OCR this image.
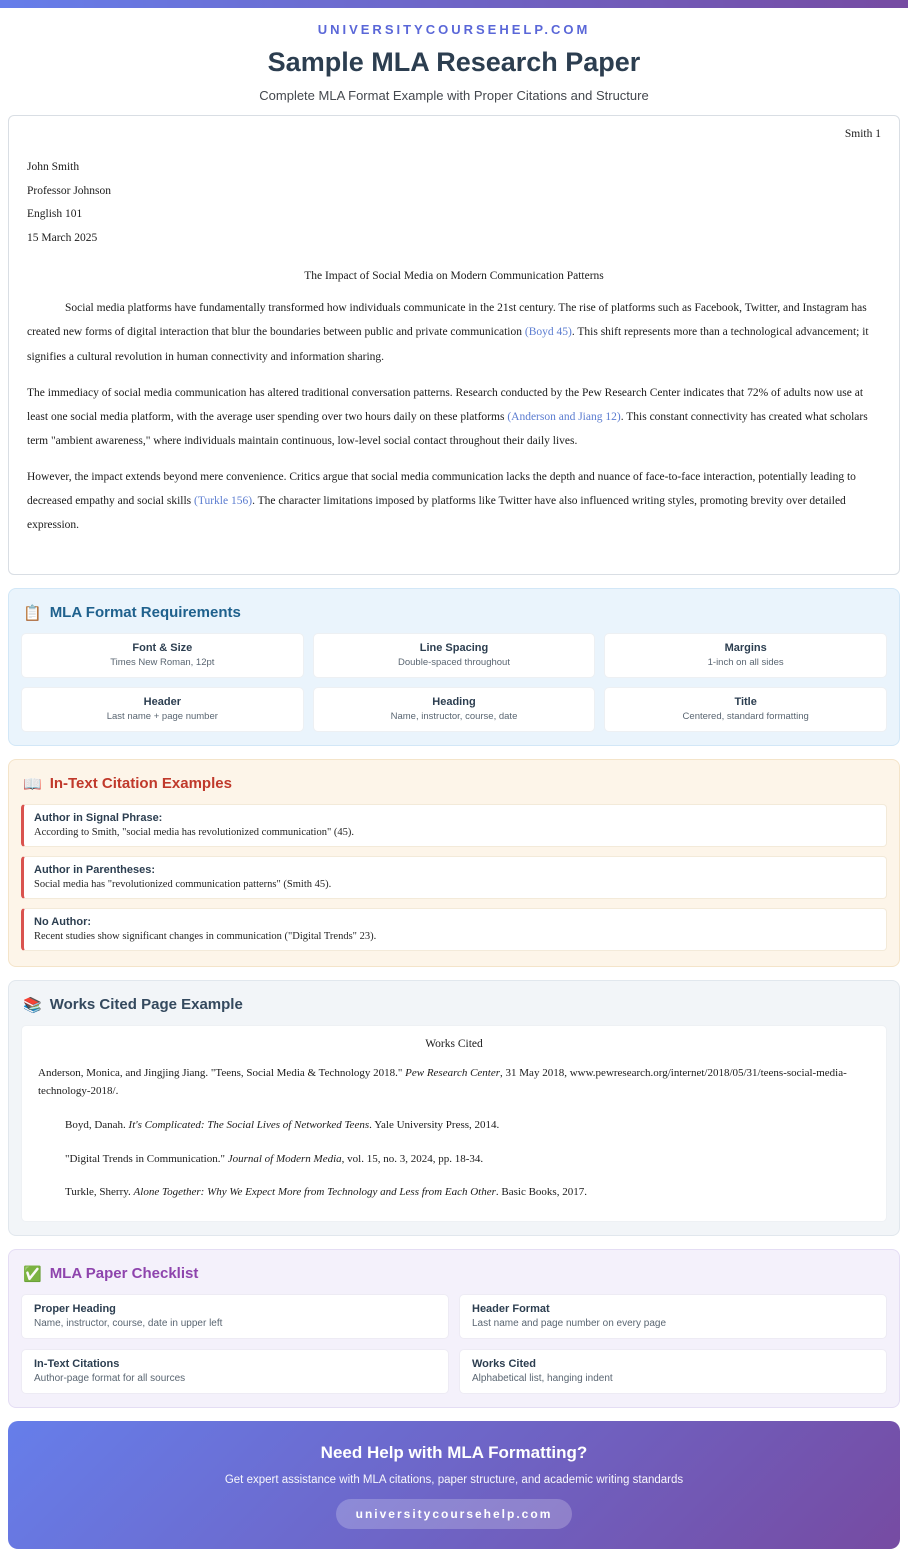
UNIVERSITYCOURSEHELP.COM
Sample MLA Research Paper
Complete MLA Format Example with Proper Citations and Structure
Smith 1
John Smith
Professor Johnson
English 101
15 March 2025
The Impact of Social Media on Modern Communication Patterns

Social media platforms have fundamentally transformed how individuals communicate in the 21st century. The rise of platforms such as Facebook, Twitter, and Instagram has created new forms of digital interaction that blur the boundaries between public and private communication (Boyd 45). This shift represents more than a technological advancement; it signifies a cultural revolution in human connectivity and information sharing.

The immediacy of social media communication has altered traditional conversation patterns. Research conducted by the Pew Research Center indicates that 72% of adults now use at least one social media platform, with the average user spending over two hours daily on these platforms (Anderson and Jiang 12). This constant connectivity has created what scholars term "ambient awareness," where individuals maintain continuous, low-level social contact throughout their daily lives.

However, the impact extends beyond mere convenience. Critics argue that social media communication lacks the depth and nuance of face-to-face interaction, potentially leading to decreased empathy and social skills (Turkle 156). The character limitations imposed by platforms like Twitter have also influenced writing styles, promoting brevity over detailed expression.

📋 MLA Format Requirements
Font & Size
Times New Roman, 12pt
Line Spacing
Double-spaced throughout
Margins
1-inch on all sides
Header
Last name + page number
Heading
Name, instructor, course, date
Title
Centered, standard formatting
📖 In-Text Citation Examples
Author in Signal Phrase:
According to Smith, "social media has revolutionized communication" (45).
Author in Parentheses:
Social media has "revolutionized communication patterns" (Smith 45).
No Author:
Recent studies show significant changes in communication ("Digital Trends" 23).
📚 Works Cited Page Example
Works Cited
Anderson, Monica, and Jingjing Jiang. "Teens, Social Media & Technology 2018." Pew Research Center, 31 May 2018, www.pewresearch.org/internet/2018/05/31/teens-social-media-technology-2018/.
Boyd, Danah. It's Complicated: The Social Lives of Networked Teens. Yale University Press, 2014.
"Digital Trends in Communication." Journal of Modern Media, vol. 15, no. 3, 2024, pp. 18-34.
Turkle, Sherry. Alone Together: Why We Expect More from Technology and Less from Each Other. Basic Books, 2017.
✅ MLA Paper Checklist
Proper Heading
Name, instructor, course, date in upper left
Header Format
Last name and page number on every page
In-Text Citations
Author-page format for all sources
Works Cited
Alphabetical list, hanging indent
Need Help with MLA Formatting?
Get expert assistance with MLA citations, paper structure, and academic writing standards
universitycoursehelp.com
